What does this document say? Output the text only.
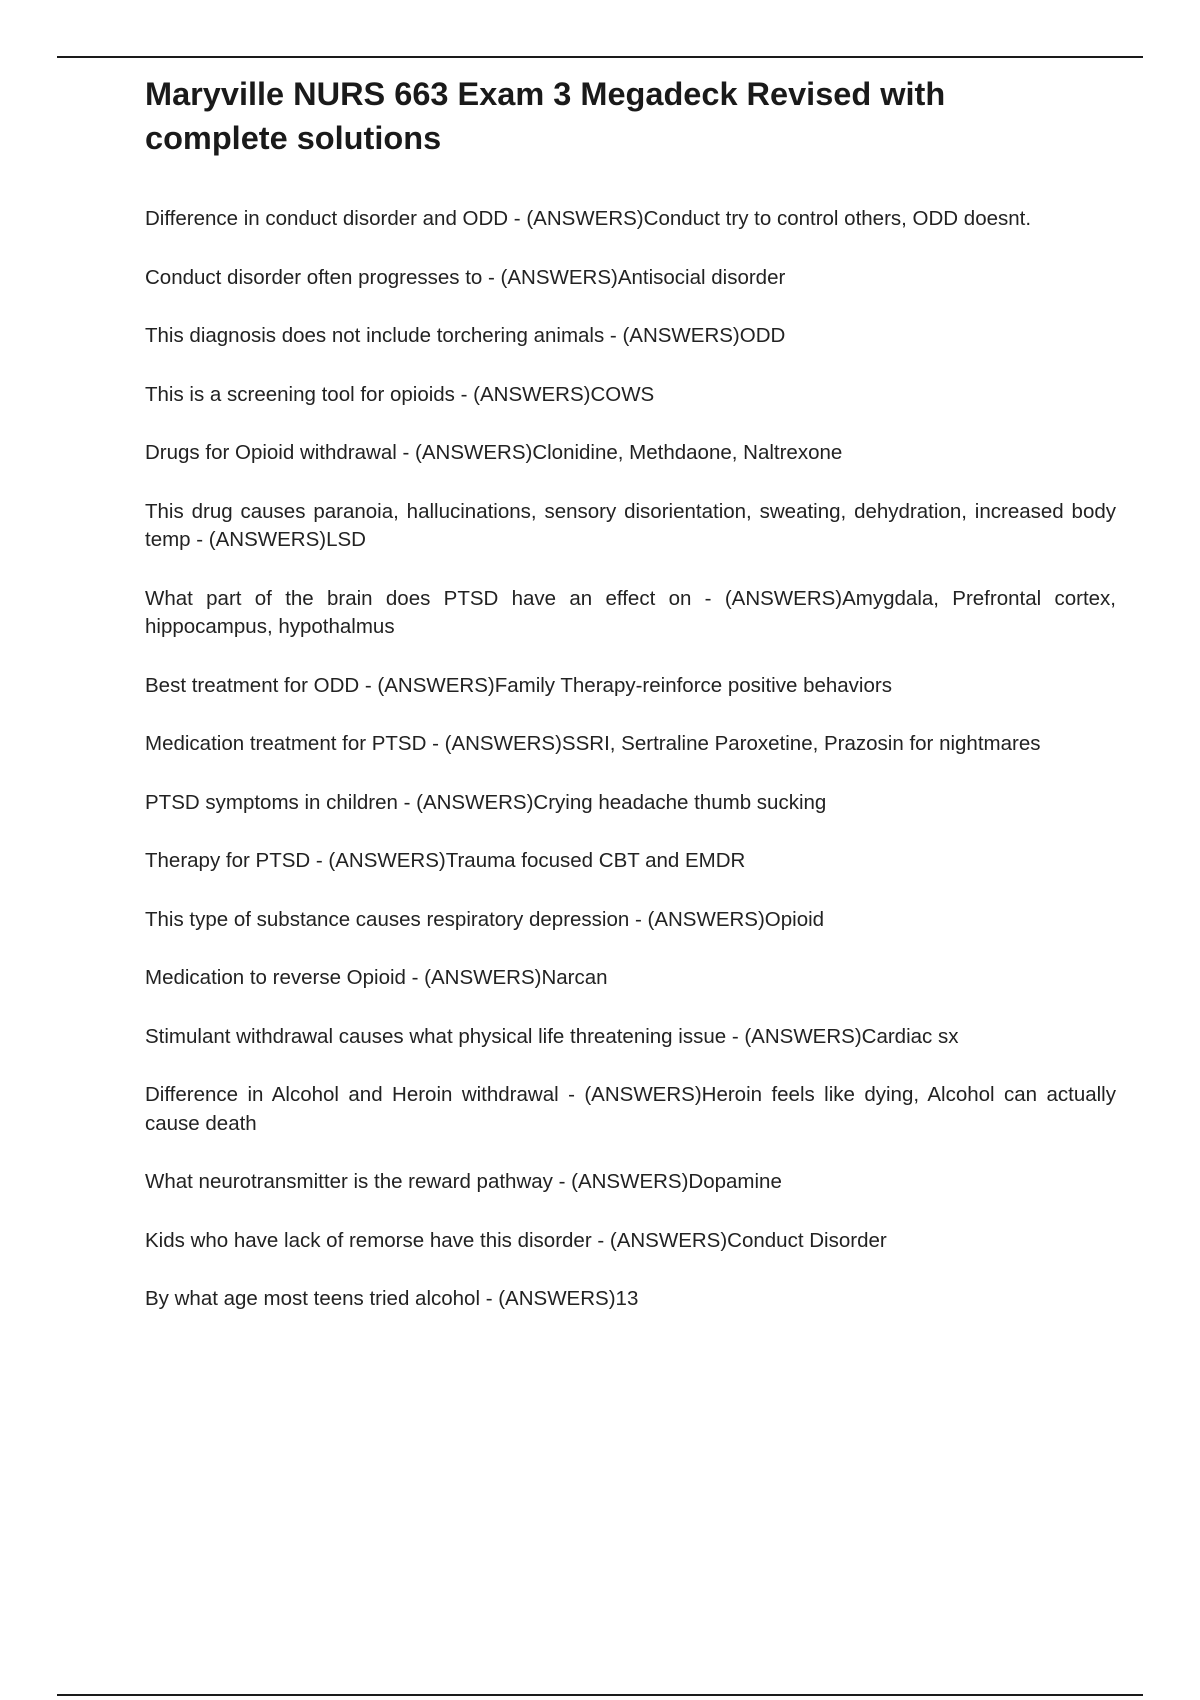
Maryville NURS 663 Exam 3 Megadeck Revised with complete solutions
Difference in conduct disorder and ODD - (ANSWERS)Conduct try to control others, ODD doesnt.
Conduct disorder often progresses to - (ANSWERS)Antisocial disorder
This diagnosis does not include torchering animals - (ANSWERS)ODD
This is a screening tool for opioids - (ANSWERS)COWS
Drugs for Opioid withdrawal - (ANSWERS)Clonidine, Methdaone, Naltrexone
This drug causes paranoia, hallucinations, sensory disorientation, sweating, dehydration, increased body temp - (ANSWERS)LSD
What part of the brain does PTSD have an effect on - (ANSWERS)Amygdala, Prefrontal cortex, hippocampus, hypothalmus
Best treatment for ODD - (ANSWERS)Family Therapy-reinforce positive behaviors
Medication treatment for PTSD - (ANSWERS)SSRI, Sertraline Paroxetine, Prazosin for nightmares
PTSD symptoms in children - (ANSWERS)Crying headache thumb sucking
Therapy for PTSD - (ANSWERS)Trauma focused CBT and EMDR
This type of substance causes respiratory depression - (ANSWERS)Opioid
Medication to reverse Opioid - (ANSWERS)Narcan
Stimulant withdrawal causes what physical life threatening issue - (ANSWERS)Cardiac sx
Difference in Alcohol and Heroin withdrawal - (ANSWERS)Heroin feels like dying, Alcohol can actually cause death
What neurotransmitter is the reward pathway - (ANSWERS)Dopamine
Kids who have lack of remorse have this disorder - (ANSWERS)Conduct Disorder
By what age most teens tried alcohol - (ANSWERS)13
